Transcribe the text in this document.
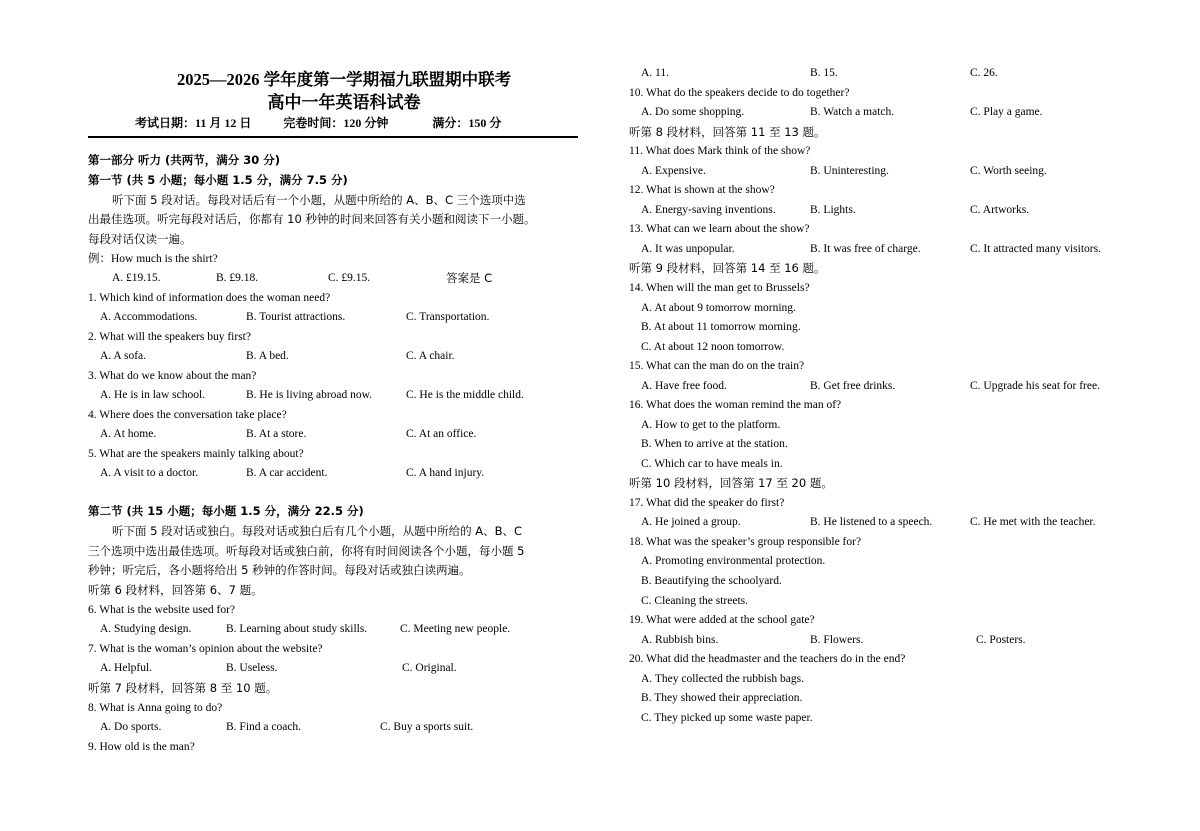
2025—2026 学年度第一学期福九联盟期中联考
高中一年英语科试卷
考试日期：11 月 12 日	完卷时间：120 分钟	满分：150 分
第一部分 听力 (共两节，满分 30 分)
第一节 (共 5 小题；每小题 1.5 分，满分 7.5 分)
听下面 5 段对话。每段对话后有一个小题，从题中所给的 A、B、C 三个选项中选
出最佳选项。听完每段对话后，你都有 10 秒钟的时间来回答有关小题和阅读下一小题。
每段对话仅读一遍。
例：How much is the shirt?
A. £19.15.	B. £9.18.	C. £9.15.	答案是 C
1. Which kind of information does the woman need?
A. Accommodations.	B. Tourist attractions.	C. Transportation.
2. What will the speakers buy first?
A. A sofa.	B. A bed.	C. A chair.
3. What do we know about the man?
A. He is in law school.	B. He is living abroad now.	C. He is the middle child.
4. Where does the conversation take place?
A. At home.	B. At a store.	C. At an office.
5. What are the speakers mainly talking about?
A. A visit to a doctor.	B. A car accident.	C. A hand injury.
第二节 (共 15 小题；每小题 1.5 分，满分 22.5 分)
听下面 5 段对话或独白。每段对话或独白后有几个小题，从题中所给的 A、B、C
三个选项中选出最佳选项。听每段对话或独白前，你将有时间阅读各个小题，每小题 5
秒钟；听完后，各小题将给出 5 秒钟的作答时间。每段对话或独白读两遍。
听第 6 段材料，回答第 6、7 题。
6. What is the website used for?
A. Studying design.	B. Learning about study skills.	C. Meeting new people.
7. What is the woman’s opinion about the website?
A. Helpful.	B. Useless.	C. Original.
听第 7 段材料，回答第 8 至 10 题。
8. What is Anna going to do?
A. Do sports.	B. Find a coach.	C. Buy a sports suit.
9. How old is the man?
A. 11.	B. 15.	C. 26.
10. What do the speakers decide to do together?
A. Do some shopping.	B. Watch a match.	C. Play a game.
听第 8 段材料，回答第 11 至 13 题。
11. What does Mark think of the show?
A. Expensive.	B. Uninteresting.	C. Worth seeing.
12. What is shown at the show?
A. Energy-saving inventions.	B. Lights.	C. Artworks.
13. What can we learn about the show?
A. It was unpopular.	B. It was free of charge.	C. It attracted many visitors.
听第 9 段材料，回答第 14 至 16 题。
14. When will the man get to Brussels?
A. At about 9 tomorrow morning.
B. At about 11 tomorrow morning.
C. At about 12 noon tomorrow.
15. What can the man do on the train?
A. Have free food.	B. Get free drinks.	C. Upgrade his seat for free.
16. What does the woman remind the man of?
A. How to get to the platform.
B. When to arrive at the station.
C. Which car to have meals in.
听第 10 段材料，回答第 17 至 20 题。
17. What did the speaker do first?
A. He joined a group.	B. He listened to a speech.	C. He met with the teacher.
18. What was the speaker’s group responsible for?
A. Promoting environmental protection.
B. Beautifying the schoolyard.
C. Cleaning the streets.
19. What were added at the school gate?
A. Rubbish bins.	B. Flowers.	C. Posters.
20. What did the headmaster and the teachers do in the end?
A. They collected the rubbish bags.
B. They showed their appreciation.
C. They picked up some waste paper.
